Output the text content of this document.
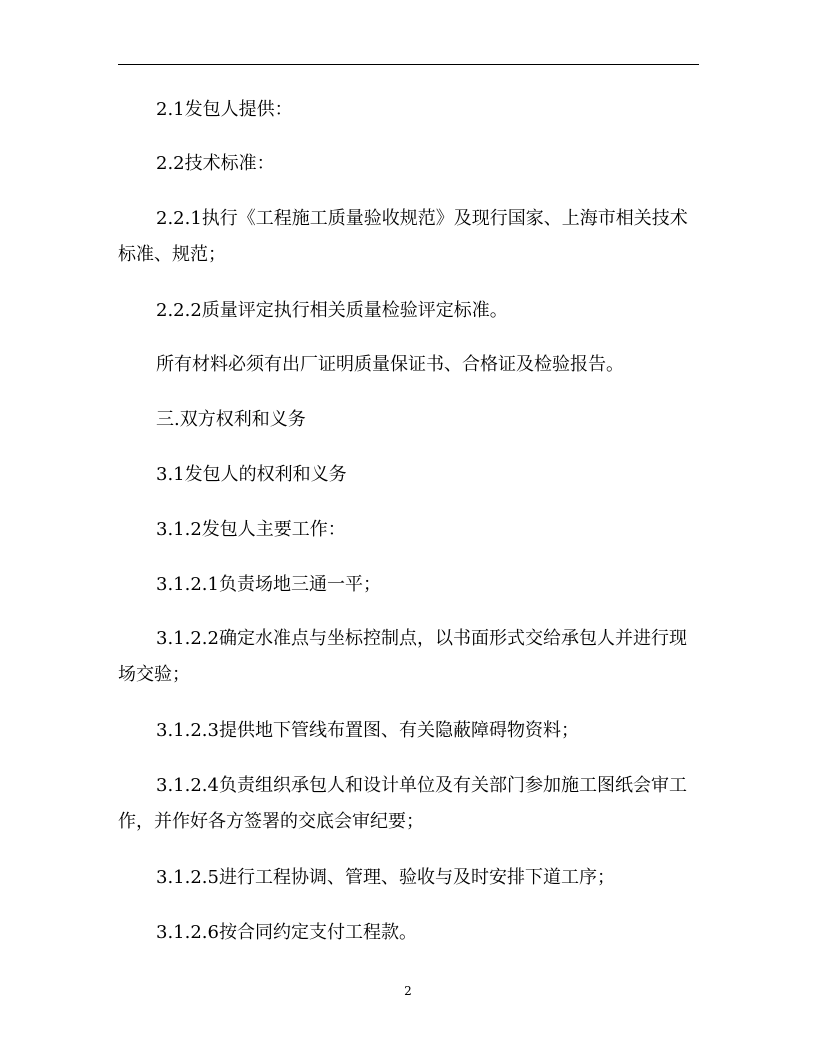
2.1发包人提供：

2.2技术标准：

2.2.1执行《工程施工质量验收规范》及现行国家、上海市相关技术标准、规范；

2.2.2质量评定执行相关质量检验评定标准。

所有材料必须有出厂证明质量保证书、合格证及检验报告。

三.双方权利和义务

3.1发包人的权利和义务

3.1.2发包人主要工作：

3.1.2.1负责场地三通一平；

3.1.2.2确定水准点与坐标控制点，以书面形式交给承包人并进行现场交验；

3.1.2.3提供地下管线布置图、有关隐蔽障碍物资料；

3.1.2.4负责组织承包人和设计单位及有关部门参加施工图纸会审工作，并作好各方签署的交底会审纪要；

3.1.2.5进行工程协调、管理、验收与及时安排下道工序；

3.1.2.6按合同约定支付工程款。

2
